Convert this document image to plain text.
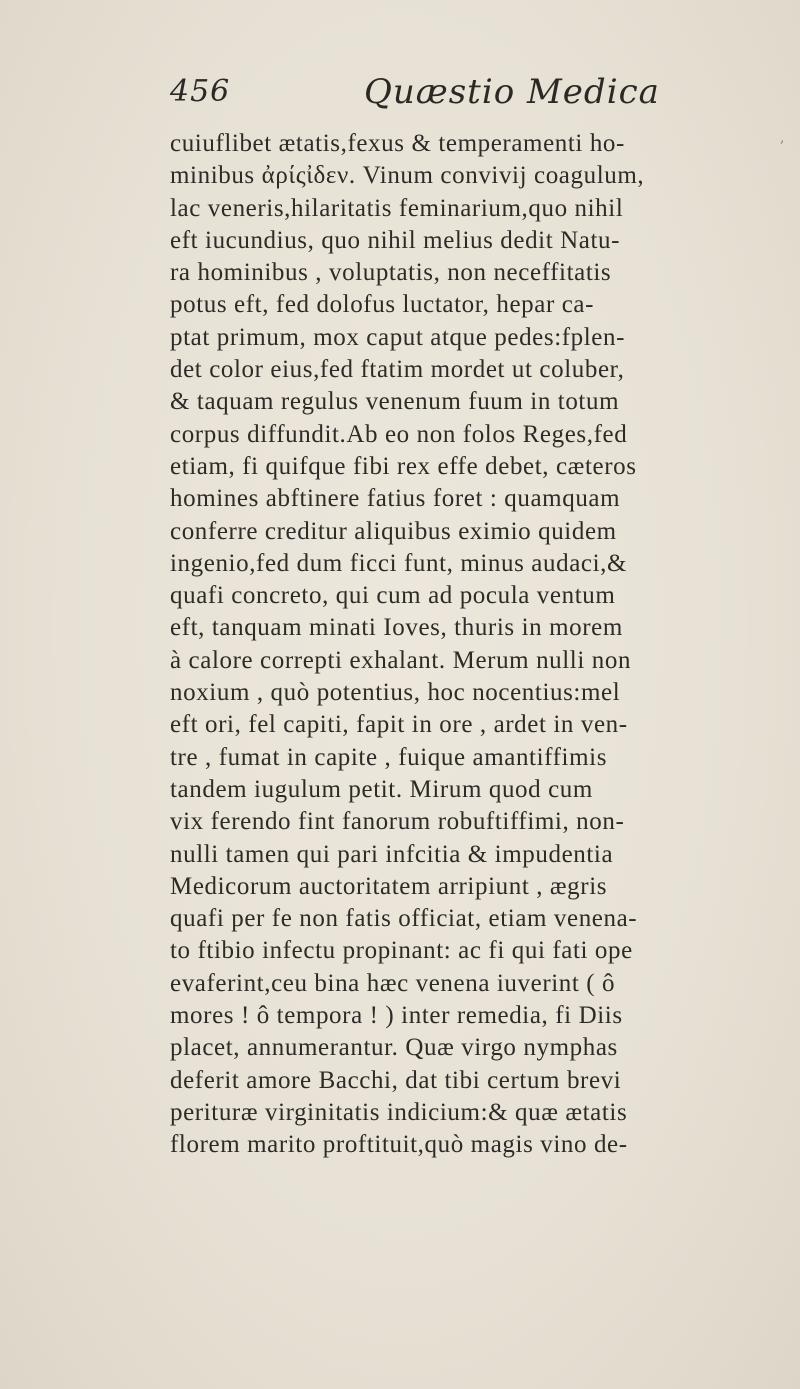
456	Quæstio Medica
,
cuiuflibet ætatis,fexus & temperamenti ho-
minibus ἀρίςἰδεν. Vinum convivij coagulum,
lac veneris,hilaritatis feminarium,quo nihil
eft iucundius, quo nihil melius dedit Natu-
ra hominibus , voluptatis, non neceffitatis
potus eft, fed dolofus luctator, hepar ca-
ptat primum, mox caput atque pedes:fplen-
det color eius,fed ftatim mordet ut coluber,
& taquam regulus venenum fuum in totum
corpus diffundit.Ab eo non folos Reges,fed
etiam, fi quifque fibi rex effe debet, cæteros
homines abftinere fatius foret : quamquam
conferre creditur aliquibus eximio quidem
ingenio,fed dum ficci funt, minus audaci,&
quafi concreto, qui cum ad pocula ventum
eft, tanquam minati Ioves, thuris in morem
à calore correpti exhalant. Merum nulli non
noxium , quò potentius, hoc nocentius:mel
eft ori, fel capiti, fapit in ore , ardet in ven-
tre , fumat in capite , fuique amantiffimis
tandem iugulum petit. Mirum quod cum
vix ferendo fint fanorum robuftiffimi, non-
nulli tamen qui pari infcitia & impudentia
Medicorum auctoritatem arripiunt , ægris
quafi per fe non fatis officiat, etiam venena-
to ftibio infectu propinant: ac fi qui fati ope
evaferint,ceu bina hæc venena iuverint ( ô
mores ! ô tempora ! ) inter remedia, fi Diis
placet, annumerantur. Quæ virgo nymphas
deferit amore Bacchi, dat tibi certum brevi
perituræ virginitatis indicium:& quæ ætatis
florem marito proftituit,quò magis vino de-
